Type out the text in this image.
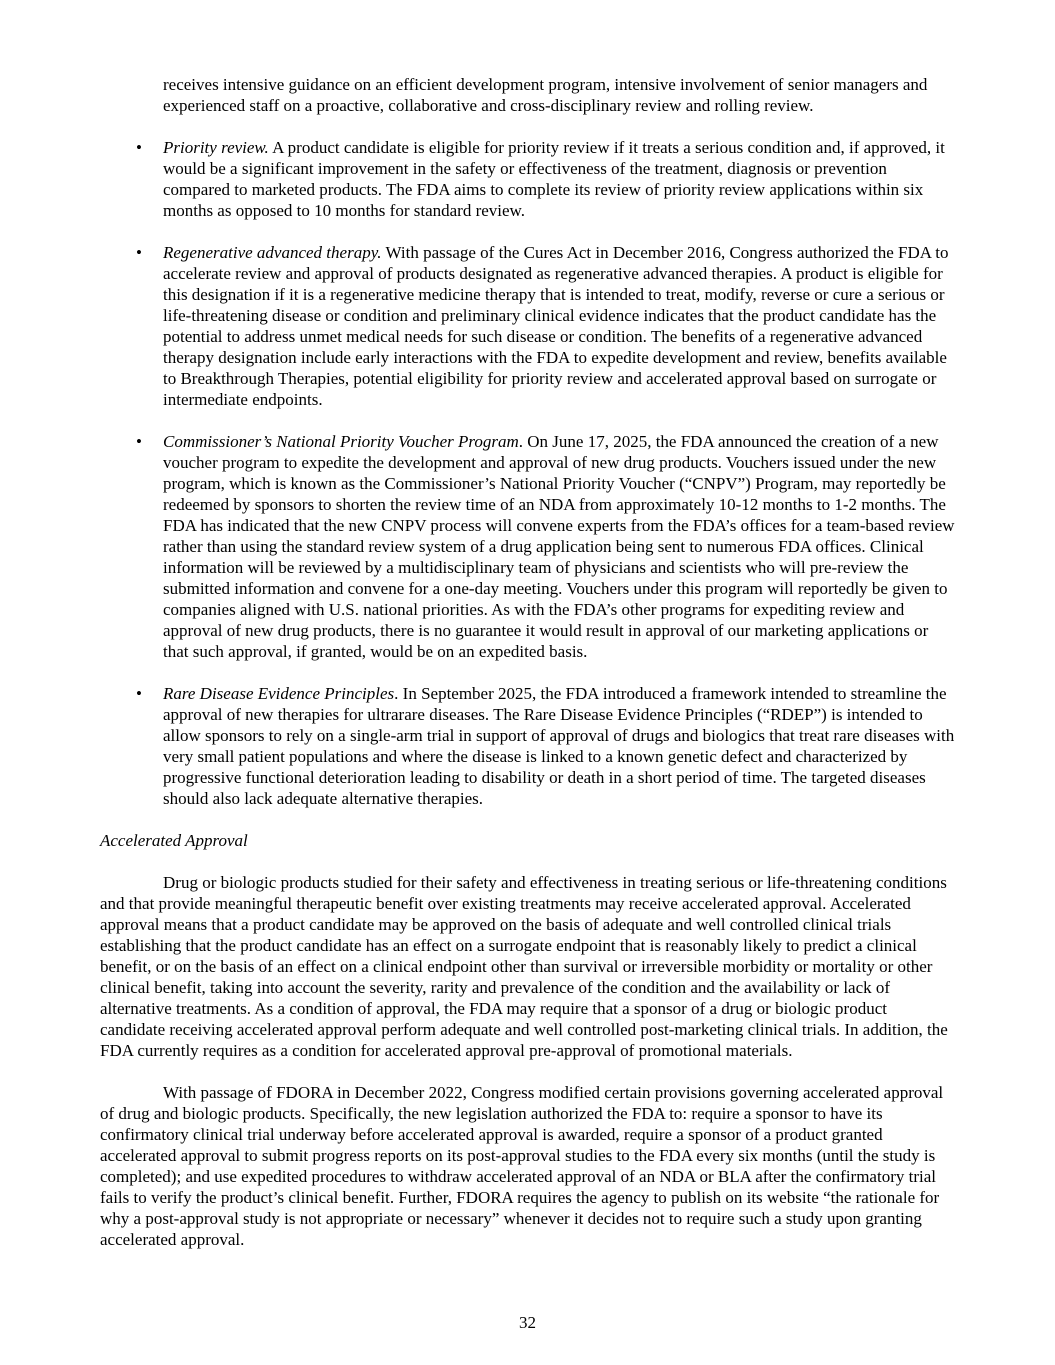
receives intensive guidance on an efficient development program, intensive involvement of senior managers and experienced staff on a proactive, collaborative and cross-disciplinary review and rolling review.

•	Priority review. A product candidate is eligible for priority review if it treats a serious condition and, if approved, it would be a significant improvement in the safety or effectiveness of the treatment, diagnosis or prevention compared to marketed products. The FDA aims to complete its review of priority review applications within six months as opposed to 10 months for standard review.
•	Regenerative advanced therapy. With passage of the Cures Act in December 2016, Congress authorized the FDA to accelerate review and approval of products designated as regenerative advanced therapies. A product is eligible for this designation if it is a regenerative medicine therapy that is intended to treat, modify, reverse or cure a serious or life-threatening disease or condition and preliminary clinical evidence indicates that the product candidate has the potential to address unmet medical needs for such disease or condition. The benefits of a regenerative advanced therapy designation include early interactions with the FDA to expedite development and review, benefits available to Breakthrough Therapies, potential eligibility for priority review and accelerated approval based on surrogate or intermediate endpoints.
•	Commissioner’s National Priority Voucher Program. On June 17, 2025, the FDA announced the creation of a new voucher program to expedite the development and approval of new drug products. Vouchers issued under the new program, which is known as the Commissioner’s National Priority Voucher (“CNPV”) Program, may reportedly be redeemed by sponsors to shorten the review time of an NDA from approximately 10-12 months to 1-2 months. The FDA has indicated that the new CNPV process will convene experts from the FDA’s offices for a team-based review rather than using the standard review system of a drug application being sent to numerous FDA offices. Clinical information will be reviewed by a multidisciplinary team of physicians and scientists who will pre-review the submitted information and convene for a one-day meeting. Vouchers under this program will reportedly be given to companies aligned with U.S. national priorities. As with the FDA’s other programs for expediting review and approval of new drug products, there is no guarantee it would result in approval of our marketing applications or that such approval, if granted, would be on an expedited basis.
•	Rare Disease Evidence Principles. In September 2025, the FDA introduced a framework intended to streamline the approval of new therapies for ultrarare diseases. The Rare Disease Evidence Principles (“RDEP”) is intended to allow sponsors to rely on a single-arm trial in support of approval of drugs and biologics that treat rare diseases with very small patient populations and where the disease is linked to a known genetic defect and characterized by progressive functional deterioration leading to disability or death in a short period of time. The targeted diseases should also lack adequate alternative therapies.
Accelerated Approval

Drug or biologic products studied for their safety and effectiveness in treating serious or life-threatening conditions and that provide meaningful therapeutic benefit over existing treatments may receive accelerated approval. Accelerated approval means that a product candidate may be approved on the basis of adequate and well controlled clinical trials establishing that the product candidate has an effect on a surrogate endpoint that is reasonably likely to predict a clinical benefit, or on the basis of an effect on a clinical endpoint other than survival or irreversible morbidity or mortality or other clinical benefit, taking into account the severity, rarity and prevalence of the condition and the availability or lack of alternative treatments. As a condition of approval, the FDA may require that a sponsor of a drug or biologic product candidate receiving accelerated approval perform adequate and well controlled post-marketing clinical trials. In addition, the FDA currently requires as a condition for accelerated approval pre-approval of promotional materials.

With passage of FDORA in December 2022, Congress modified certain provisions governing accelerated approval of drug and biologic products. Specifically, the new legislation authorized the FDA to: require a sponsor to have its confirmatory clinical trial underway before accelerated approval is awarded, require a sponsor of a product granted accelerated approval to submit progress reports on its post-approval studies to the FDA every six months (until the study is completed); and use expedited procedures to withdraw accelerated approval of an NDA or BLA after the confirmatory trial fails to verify the product’s clinical benefit. Further, FDORA requires the agency to publish on its website “the rationale for why a post-approval study is not appropriate or necessary” whenever it decides not to require such a study upon granting accelerated approval.

32
